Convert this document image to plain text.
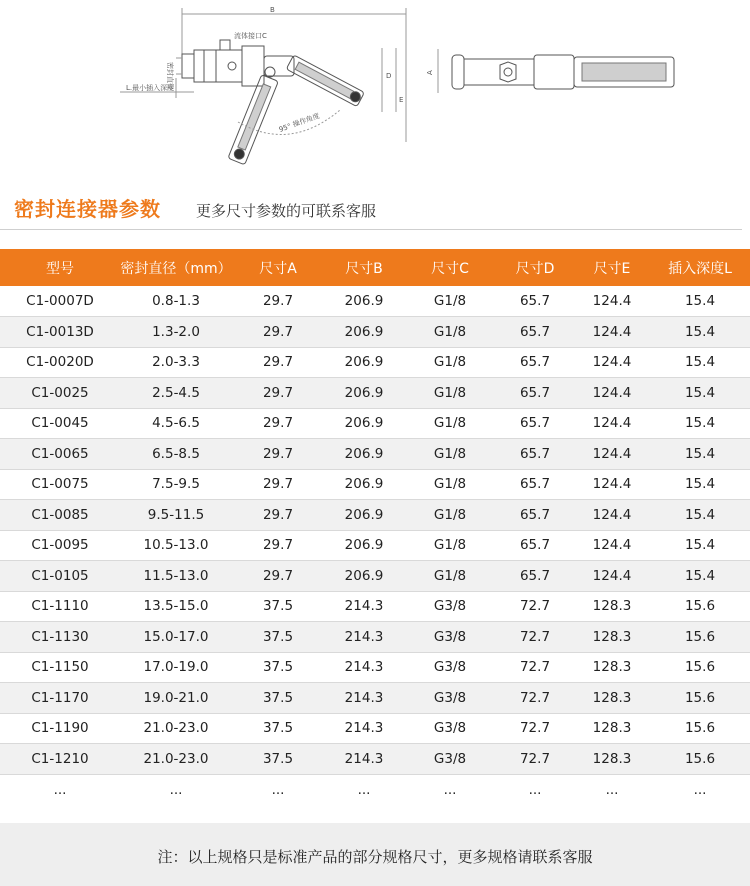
B
流体接口C
密封直径
L.最小插入深度
95° 操作角度
D
E
A
密封连接器参数 更多尺寸参数的可联系客服
型号	密封直径（mm）	尺寸A	尺寸B	尺寸C	尺寸D	尺寸E	插入深度L
C1-0007D	0.8-1.3	29.7	206.9	G1/8	65.7	124.4	15.4
C1-0013D	1.3-2.0	29.7	206.9	G1/8	65.7	124.4	15.4
C1-0020D	2.0-3.3	29.7	206.9	G1/8	65.7	124.4	15.4
C1-0025	2.5-4.5	29.7	206.9	G1/8	65.7	124.4	15.4
C1-0045	4.5-6.5	29.7	206.9	G1/8	65.7	124.4	15.4
C1-0065	6.5-8.5	29.7	206.9	G1/8	65.7	124.4	15.4
C1-0075	7.5-9.5	29.7	206.9	G1/8	65.7	124.4	15.4
C1-0085	9.5-11.5	29.7	206.9	G1/8	65.7	124.4	15.4
C1-0095	10.5-13.0	29.7	206.9	G1/8	65.7	124.4	15.4
C1-0105	11.5-13.0	29.7	206.9	G1/8	65.7	124.4	15.4
C1-1110	13.5-15.0	37.5	214.3	G3/8	72.7	128.3	15.6
C1-1130	15.0-17.0	37.5	214.3	G3/8	72.7	128.3	15.6
C1-1150	17.0-19.0	37.5	214.3	G3/8	72.7	128.3	15.6
C1-1170	19.0-21.0	37.5	214.3	G3/8	72.7	128.3	15.6
C1-1190	21.0-23.0	37.5	214.3	G3/8	72.7	128.3	15.6
C1-1210	21.0-23.0	37.5	214.3	G3/8	72.7	128.3	15.6
...	...	...	...	...	...	...	...
注：以上规格只是标准产品的部分规格尺寸，更多规格请联系客服
